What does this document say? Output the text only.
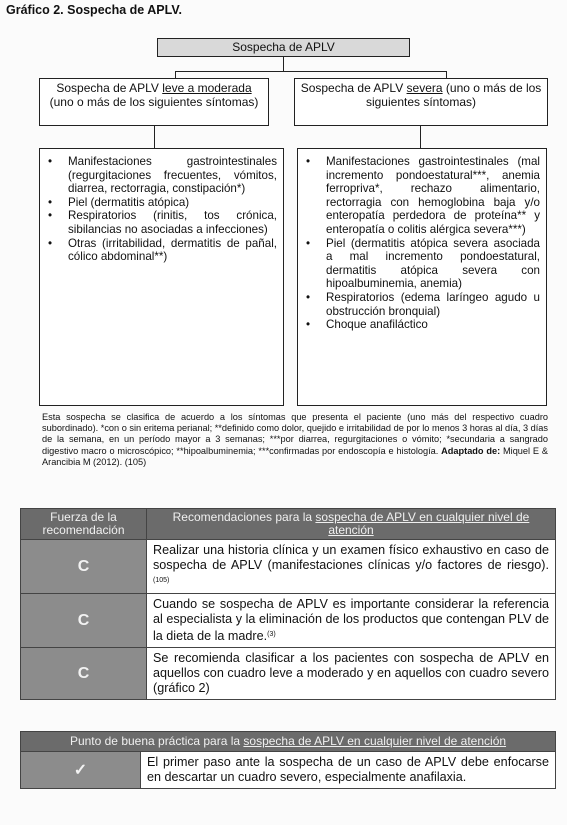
Gráfico 2. Sospecha de APLV.
Sospecha de APLV
Sospecha de APLV leve a moderada (uno o más de los siguientes síntomas)
Sospecha de APLV severa (uno o más de los siguientes síntomas)
• Manifestaciones gastrointestinales (regurgitaciones frecuentes, vómitos, diarrea, rectorragia, constipación*)
• Piel (dermatitis atópica)
• Respiratorios (rinitis, tos crónica, sibilancias no asociadas a infecciones)
• Otras (irritabilidad, dermatitis de pañal, cólico abdominal**)
• Manifestaciones gastrointestinales (mal incremento pondoestatural***, anemia ferropriva*, rechazo alimentario, rectorragia con hemoglobina baja y/o enteropatía perdedora de proteína** y enteropatía o colitis alérgica severa***)
• Piel (dermatitis atópica severa asociada a mal incremento pondoestatural, dermatitis atópica severa con hipoalbuminemia, anemia)
• Respiratorios (edema laríngeo agudo u obstrucción bronquial)
• Choque anafiláctico
Esta sospecha se clasifica de acuerdo a los síntomas que presenta el paciente (uno más del respectivo cuadro subordinado). *con o sin eritema perianal; **definido como dolor, quejido e irritabilidad de por lo menos 3 horas al día, 3 días de la semana, en un período mayor a 3 semanas; ***por diarrea, regurgitaciones o vómito; *secundaria a sangrado digestivo macro o microscópico; **hipoalbuminemia; ***confirmadas por endoscopía e histología. Adaptado de: Miquel E & Arancibia M (2012). (105)
Fuerza de la recomendación	Recomendaciones para la sospecha de APLV en cualquier nivel de atención
C	Realizar una historia clínica y un examen físico exhaustivo en caso de sospecha de APLV (manifestaciones clínicas y/o factores de riesgo). $^{(105)}$
C	Cuando se sospecha de APLV es importante considerar la referencia al especialista y la eliminación de los productos que contengan PLV de la dieta de la madre.$^{(3)}$
C	Se recomienda clasificar a los pacientes con sospecha de APLV en aquellos con cuadro leve a moderado y en aquellos con cuadro severo (gráfico 2)
Punto de buena práctica para la sospecha de APLV en cualquier nivel de atención
✓	El primer paso ante la sospecha de un caso de APLV debe enfocarse en descartar un cuadro severo, especialmente anafilaxia.
